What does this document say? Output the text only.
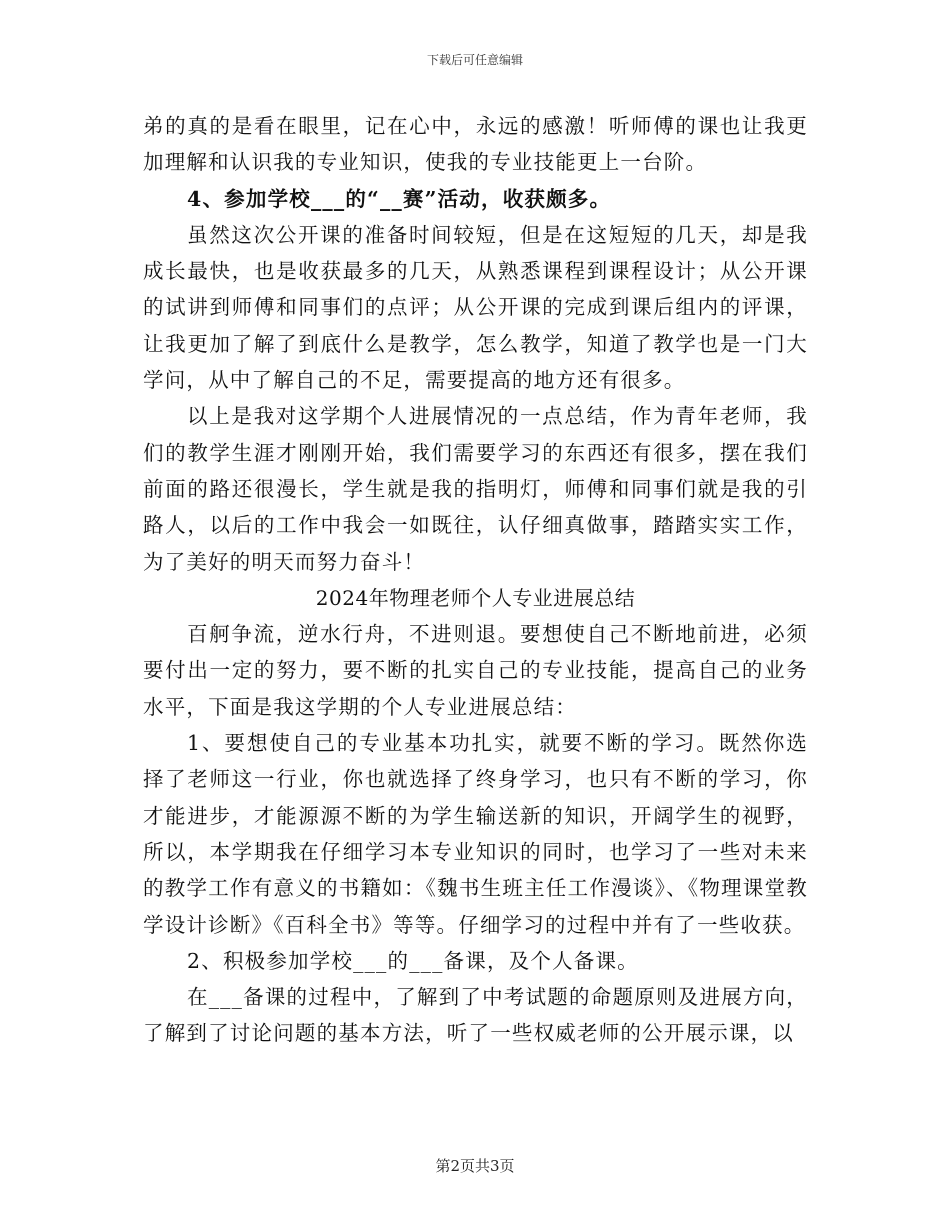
下载后可任意编辑

弟的真的是看在眼里，记在心中，永远的感激！听师傅的课也让我更加理解和认识我的专业知识，使我的专业技能更上一台阶。

4、参加学校___的“__赛”活动，收获颇多。

虽然这次公开课的准备时间较短，但是在这短短的几天，却是我成长最快，也是收获最多的几天，从熟悉课程到课程设计；从公开课的试讲到师傅和同事们的点评；从公开课的完成到课后组内的评课，让我更加了解了到底什么是教学，怎么教学，知道了教学也是一门大学问，从中了解自己的不足，需要提高的地方还有很多。

以上是我对这学期个人进展情况的一点总结，作为青年老师，我们的教学生涯才刚刚开始，我们需要学习的东西还有很多，摆在我们前面的路还很漫长，学生就是我的指明灯，师傅和同事们就是我的引路人，以后的工作中我会一如既往，认仔细真做事，踏踏实实工作，为了美好的明天而努力奋斗！

2024年物理老师个人专业进展总结

百舸争流，逆水行舟，不进则退。要想使自己不断地前进，必须要付出一定的努力，要不断的扎实自己的专业技能，提高自己的业务水平，下面是我这学期的个人专业进展总结：

1、要想使自己的专业基本功扎实，就要不断的学习。既然你选择了老师这一行业，你也就选择了终身学习，也只有不断的学习，你才能进步，才能源源不断的为学生输送新的知识，开阔学生的视野，所以，本学期我在仔细学习本专业知识的同时，也学习了一些对未来的教学工作有意义的书籍如：《魏书生班主任工作漫谈》、《物理课堂教学设计诊断》《百科全书》等等。仔细学习的过程中并有了一些收获。

2、积极参加学校___的___备课，及个人备课。

在___备课的过程中，了解到了中考试题的命题原则及进展方向，了解到了讨论问题的基本方法，听了一些权威老师的公开展示课，以

第2页共3页
